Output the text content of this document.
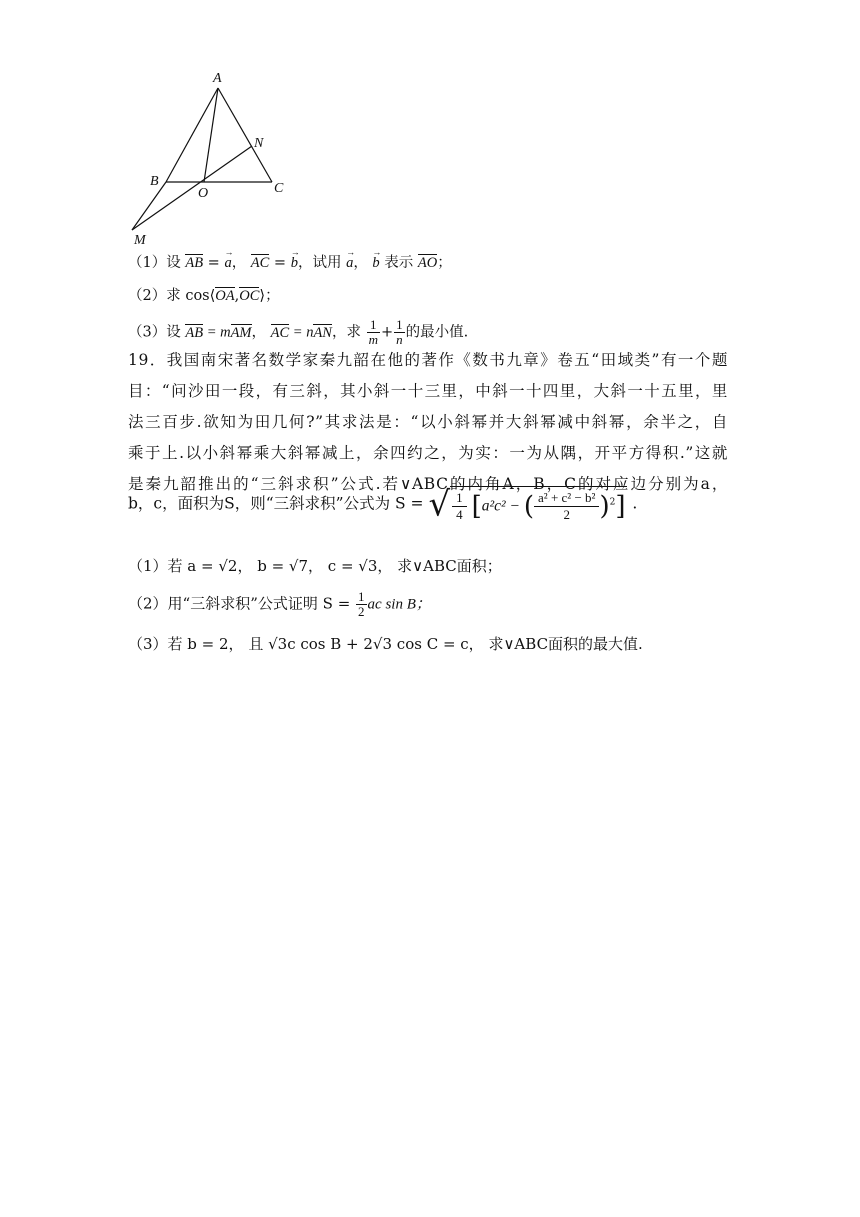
A
B	C
N
O
M
（1）设 AB = → a， AC = → b，试用 → a， → b 表示 AO；
（2）求 cos⟨OA,OC⟩；
（3）设 AB = mAM， AC = nAN，求 $\frac{1}{m} + \frac{1}{n}$ 的最小值.
19．我国南宋著名数学家秦九韶在他的著作《数书九章》卷五“田域类”有一个题
目：“问沙田一段，有三斜，其小斜一十三里，中斜一十四里，大斜一十五里，里
法三百步.欲知为田几何?”其求法是：“以小斜幂并大斜幂减中斜幂，余半之，自
乘于上.以小斜幂乘大斜幂减上，余四约之，为实：一为从隅，开平方得积.”这就
是秦九韶推出的“三斜求积”公式.若∨ABC的内角A，B，C的对应边分别为a，
b，c，面积为S，则“三斜求积”公式为 S = √ $\frac{1}{4} [a^2c^2$ − ( $\frac{\text{a² + c² − b²}}{2} )^2$] .
（1）若 a = √2， b = √7， c = √3， 求∨ABC面积；
（2）用“三斜求积”公式证明 $S = \frac{1}{2}$ ac sin B；
（3）若 b = 2， 且 √3c cos B + 2√3 cos C = c， 求∨ABC面积的最大值.
